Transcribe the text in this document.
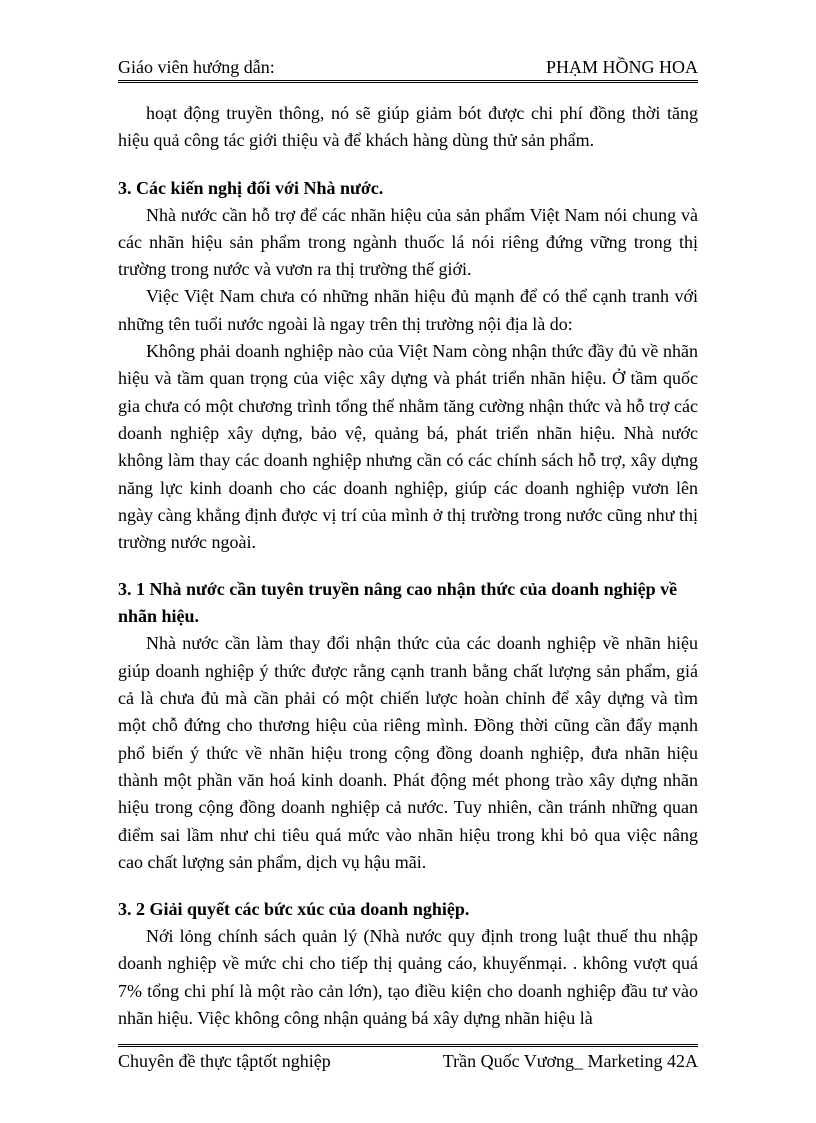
Giáo viên hướng dẫn:	PHẠM HỒNG HOA

hoạt động truyền thông, nó sẽ giúp giảm bót được chi phí đồng thời tăng hiệu quả công tác giới thiệu và để khách hàng dùng thử sản phẩm.

3. Các kiến nghị đối với Nhà nước.

Nhà nước cần hỗ trợ để các nhãn hiệu của sản phẩm Việt Nam nói chung và các nhãn hiệu sản phẩm trong ngành thuốc lá nói riêng đứng vững trong thị trường trong nước và vươn ra thị trường thế giới.

Việc Việt Nam chưa có những nhãn hiệu đủ mạnh để có thể cạnh tranh với những tên tuổi nước ngoài là ngay trên thị trường nội địa là do:

Không phải doanh nghiệp nào của Việt Nam còng nhận thức đầy đủ về nhãn hiệu và tầm quan trọng của việc xây dựng và phát triển nhãn hiệu. Ở tầm quốc gia chưa có một chương trình tổng thể nhằm tăng cường nhận thức và hỗ trợ các doanh nghiệp xây dựng, bảo vệ, quảng bá, phát triển nhãn hiệu. Nhà nước không làm thay các doanh nghiệp nhưng cần có các chính sách hỗ trợ, xây dựng năng lực kinh doanh cho các doanh nghiệp, giúp các doanh nghiệp vươn lên ngày càng khẳng định được vị trí của mình ở thị trường trong nước cũng như thị trường nước ngoài.

3. 1 Nhà nước cần tuyên truyền nâng cao nhận thức của doanh nghiệp về nhãn hiệu.

Nhà nước cần làm thay đổi nhận thức của các doanh nghiệp về nhãn hiệu giúp doanh nghiệp ý thức được rằng cạnh tranh bằng chất lượng sản phẩm, giá cả là chưa đủ mà cần phải có một chiến lược hoàn chỉnh để xây dựng và tìm một chỗ đứng cho thương hiệu của riêng mình. Đồng thời cũng cần đẩy mạnh phổ biến ý thức về nhãn hiệu trong cộng đồng doanh nghiệp, đưa nhãn hiệu thành một phần văn hoá kinh doanh. Phát động mét phong trào xây dựng nhãn hiệu trong cộng đồng doanh nghiệp cả nước. Tuy nhiên, cần tránh những quan điểm sai lầm như chi tiêu quá mức vào nhãn hiệu trong khi bỏ qua việc nâng cao chất lượng sản phẩm, dịch vụ hậu mãi.

3. 2 Giải quyết các bức xúc của doanh nghiệp.

Nới lỏng chính sách quản lý (Nhà nước quy định trong luật thuế thu nhập doanh nghiệp về mức chi cho tiếp thị quảng cáo, khuyếnmại. . không vượt quá 7% tổng chi phí là một rào cản lớn), tạo điều kiện cho doanh nghiệp đầu tư vào nhãn hiệu. Việc không công nhận quảng bá xây dựng nhãn hiệu là

Chuyên đề thực tậptốt nghiệp	Trần Quốc Vương_ Marketing 42A
